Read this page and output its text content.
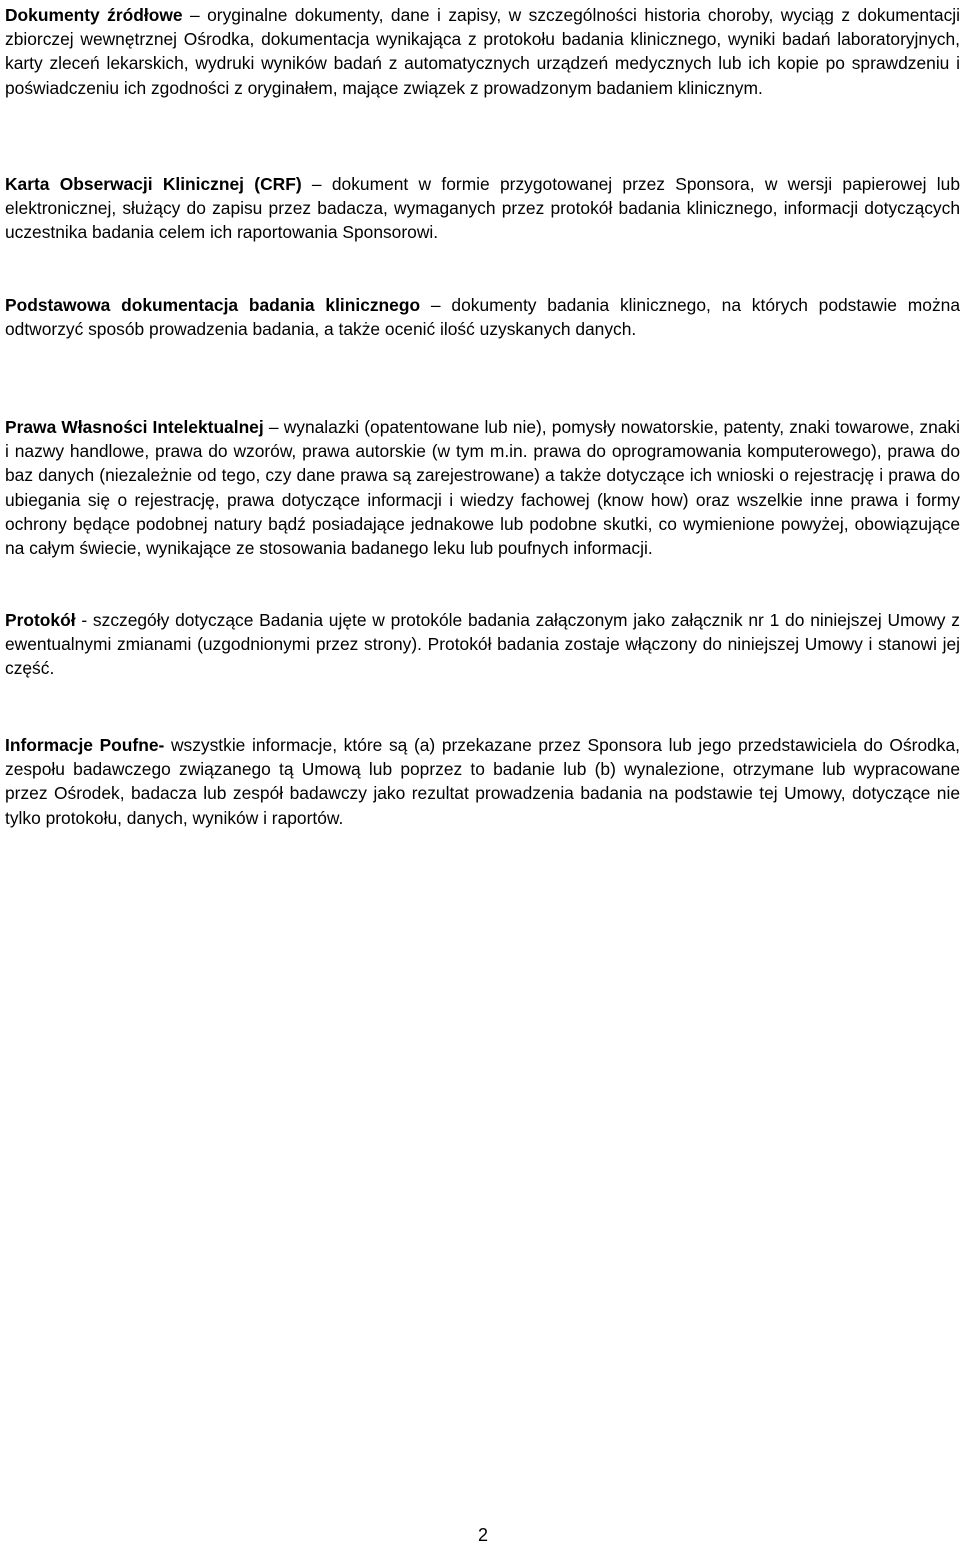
Dokumenty źródłowe – oryginalne dokumenty, dane i zapisy, w szczególności historia choroby, wyciąg z dokumentacji zbiorczej wewnętrznej Ośrodka, dokumentacja wynikająca z protokołu badania klinicznego, wyniki badań laboratoryjnych, karty zleceń lekarskich, wydruki wyników badań z automatycznych urządzeń medycznych lub ich kopie po sprawdzeniu i poświadczeniu ich zgodności z oryginałem, mające związek z prowadzonym badaniem klinicznym.

Karta Obserwacji Klinicznej (CRF) – dokument w formie przygotowanej przez Sponsora, w wersji papierowej lub elektronicznej, służący do zapisu przez badacza, wymaganych przez protokół badania klinicznego, informacji dotyczących uczestnika badania celem ich raportowania Sponsorowi.

Podstawowa dokumentacja badania klinicznego – dokumenty badania klinicznego, na których podstawie można odtworzyć sposób prowadzenia badania, a także ocenić ilość uzyskanych danych.

Prawa Własności Intelektualnej – wynalazki (opatentowane lub nie), pomysły nowatorskie, patenty, znaki towarowe, znaki i nazwy handlowe, prawa do wzorów, prawa autorskie (w tym m.in. prawa do oprogramowania komputerowego), prawa do baz danych (niezależnie od tego, czy dane prawa są zarejestrowane) a także dotyczące ich wnioski o rejestrację i prawa do ubiegania się o rejestrację, prawa dotyczące informacji i wiedzy fachowej (know how) oraz wszelkie inne prawa i formy ochrony będące podobnej natury bądź posiadające jednakowe lub podobne skutki, co wymienione powyżej, obowiązujące na całym świecie, wynikające ze stosowania badanego leku lub poufnych informacji.

Protokół - szczegóły dotyczące Badania ujęte w protokóle badania załączonym jako załącznik nr 1 do niniejszej Umowy z ewentualnymi zmianami (uzgodnionymi przez strony). Protokół badania zostaje włączony do niniejszej Umowy i stanowi jej część.

Informacje Poufne- wszystkie informacje, które są (a) przekazane przez Sponsora lub jego przedstawiciela do Ośrodka, zespołu badawczego związanego tą Umową lub poprzez to badanie lub (b) wynalezione, otrzymane lub wypracowane przez Ośrodek, badacza lub zespół badawczy jako rezultat prowadzenia badania na podstawie tej Umowy, dotyczące nie tylko protokołu, danych, wyników i raportów.

2
